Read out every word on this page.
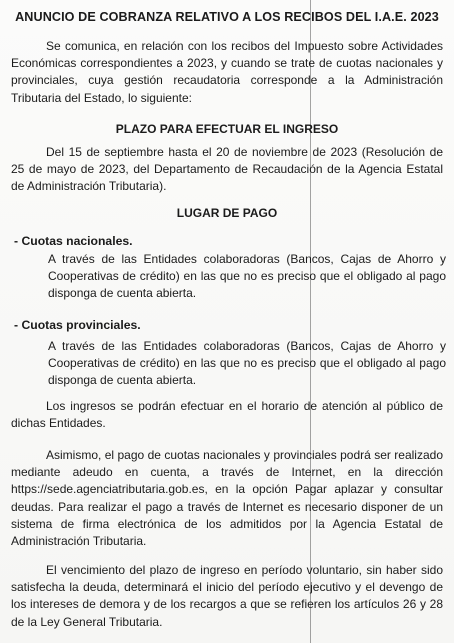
ANUNCIO DE COBRANZA RELATIVO A LOS RECIBOS DEL I.A.E. 2023
Se comunica, en relación con los recibos del Impuesto sobre Actividades Económicas correspondientes a 2023, y cuando se trate de cuotas nacionales y provinciales, cuya gestión recaudatoria corresponde a la Administración Tributaria del Estado, lo siguiente:
PLAZO PARA EFECTUAR EL INGRESO
Del 15 de septiembre hasta el 20 de noviembre de 2023 (Resolución de 25 de mayo de 2023, del Departamento de Recaudación de la Agencia Estatal de Administración Tributaria).
LUGAR DE PAGO
- Cuotas nacionales.
A través de las Entidades colaboradoras (Bancos, Cajas de Ahorro y Cooperativas de crédito) en las que no es preciso que el obligado al pago disponga de cuenta abierta.
- Cuotas provinciales.
A través de las Entidades colaboradoras (Bancos, Cajas de Ahorro y Cooperativas de crédito) en las que no es preciso que el obligado al pago disponga de cuenta abierta.
Los ingresos se podrán efectuar en el horario de atención al público de dichas Entidades.
Asimismo, el pago de cuotas nacionales y provinciales podrá ser realizado mediante adeudo en cuenta, a través de Internet, en la dirección https://sede.agenciatributaria.gob.es, en la opción Pagar aplazar y consultar deudas. Para realizar el pago a través de Internet es necesario disponer de un sistema de firma electrónica de los admitidos por la Agencia Estatal de Administración Tributaria.
El vencimiento del plazo de ingreso en período voluntario, sin haber sido satisfecha la deuda, determinará el inicio del período ejecutivo y el devengo de los intereses de demora y de los recargos a que se refieren los artículos 26 y 28 de la Ley General Tributaria.
